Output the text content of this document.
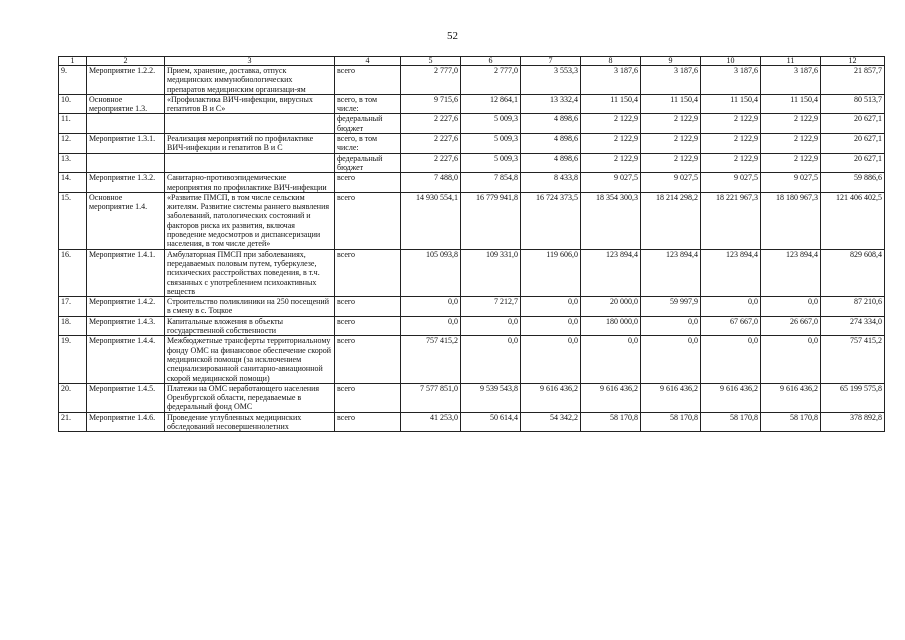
52
1	2	3	4	5	6	7	8	9	10	11	12
9.	Мероприятие 1.2.2.	Прием, хранение, доставка, отпуск медицинских иммунобиологических препаратов медицинским организаци-ям	всего	2 777,0	2 777,0	3 553,3	3 187,6	3 187,6	3 187,6	3 187,6	21 857,7
10.	Основное мероприятие 1.3.	«Профилактика ВИЧ-инфекции, вирусных гепатитов В и С»	всего, в том числе:	9 715,6	12 864,1	13 332,4	11 150,4	11 150,4	11 150,4	11 150,4	80 513,7
11.			федеральный бюджет	2 227,6	5 009,3	4 898,6	2 122,9	2 122,9	2 122,9	2 122,9	20 627,1
12.	Мероприятие 1.3.1.	Реализация мероприятий по профилактике ВИЧ-инфекции и гепатитов В и С	всего, в том числе:	2 227,6	5 009,3	4 898,6	2 122,9	2 122,9	2 122,9	2 122,9	20 627,1
13.			федеральный бюджет	2 227,6	5 009,3	4 898,6	2 122,9	2 122,9	2 122,9	2 122,9	20 627,1
14.	Мероприятие 1.3.2.	Санитарно-противоэпидемические мероприятия по профилактике ВИЧ-инфекции	всего	7 488,0	7 854,8	8 433,8	9 027,5	9 027,5	9 027,5	9 027,5	59 886,6
15.	Основное мероприятие 1.4.	«Развитие ПМСП, в том числе сельским жителям. Развитие системы раннего выявления заболеваний, патологических состояний и факторов риска их развития, включая проведение медосмотров и диспансеризации населения, в том числе детей»	всего	14 930 554,1	16 779 941,8	16 724 373,5	18 354 300,3	18 214 298,2	18 221 967,3	18 180 967,3	121 406 402,5
16.	Мероприятие 1.4.1.	Амбулаторная ПМСП при заболеваниях, передаваемых половым путем, туберкулезе, психических расстройствах поведения, в т.ч. связанных с употреблением психоактивных веществ	всего	105 093,8	109 331,0	119 606,0	123 894,4	123 894,4	123 894,4	123 894,4	829 608,4
17.	Мероприятие 1.4.2.	Строительство поликлиники на 250 посещений в смену в с. Тоцкое	всего	0,0	7 212,7	0,0	20 000,0	59 997,9	0,0	0,0	87 210,6
18.	Мероприятие 1.4.3.	Капитальные вложения в объекты государственной собственности	всего	0,0	0,0	0,0	180 000,0	0,0	67 667,0	26 667,0	274 334,0
19.	Мероприятие 1.4.4.	Межбюджетные трансферты территориальному фонду ОМС на финансовое обеспечение скорой медицинской помощи (за исключением специализированной санитарно-авиационной скорой медицинской помощи)	всего	757 415,2	0,0	0,0	0,0	0,0	0,0	0,0	757 415,2
20.	Мероприятие 1.4.5.	Платежи на ОМС неработающего населения Оренбургской области, передаваемые в федеральный фонд ОМС	всего	7 577 851,0	9 539 543,8	9 616 436,2	9 616 436,2	9 616 436,2	9 616 436,2	9 616 436,2	65 199 575,8
21.	Мероприятие 1.4.6.	Проведение углубленных медицинских обследований несовершеннолетних	всего	41 253,0	50 614,4	54 342,2	58 170,8	58 170,8	58 170,8	58 170,8	378 892,8
